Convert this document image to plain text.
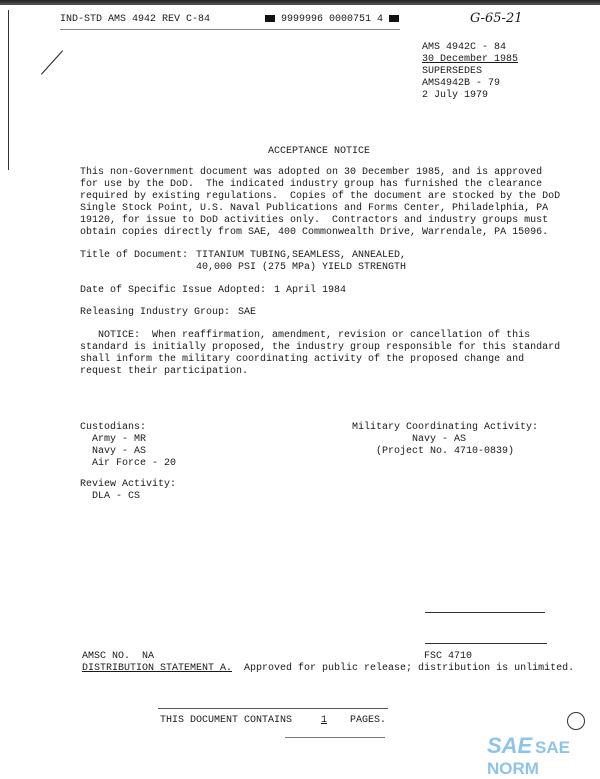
IND-STD AMS 4942 REV C-84	9999996 0000751 4	G-65-21
AMS 4942C - 84
30 December 1985
SUPERSEDES
AMS4942B - 79
2 July 1979
ACCEPTANCE NOTICE
This non-Government document was adopted on 30 December 1985, and is approved
for use by the DoD.  The indicated industry group has furnished the clearance
required by existing regulations.  Copies of the document are stocked by the DoD
Single Stock Point, U.S. Naval Publications and Forms Center, Philadelphia, PA
19120, for issue to DoD activities only.  Contractors and industry groups must
obtain copies directly from SAE, 400 Commonwealth Drive, Warrendale, PA 15096.
Title of Document: TITANIUM TUBING,SEAMLESS, ANNEALED,
40,000 PSI (275 MPa) YIELD STRENGTH
Date of Specific Issue Adopted: 1 April 1984
Releasing Industry Group: SAE
NOTICE:  When reaffirmation, amendment, revision or cancellation of this
standard is initially proposed, the industry group responsible for this standard
shall inform the military coordinating activity of the proposed change and
request their participation.
Custodians:
Army - MR
Navy - AS
Air Force - 20
Review Activity:
DLA - CS
Military Coordinating Activity:
Navy - AS
(Project No. 4710-0839)
AMSC NO.  NA	FSC 4710
DISTRIBUTION STATEMENT A.  Approved for public release; distribution is unlimited.
THIS DOCUMENT CONTAINS	1 PAGES.
SAE SAE NORM
